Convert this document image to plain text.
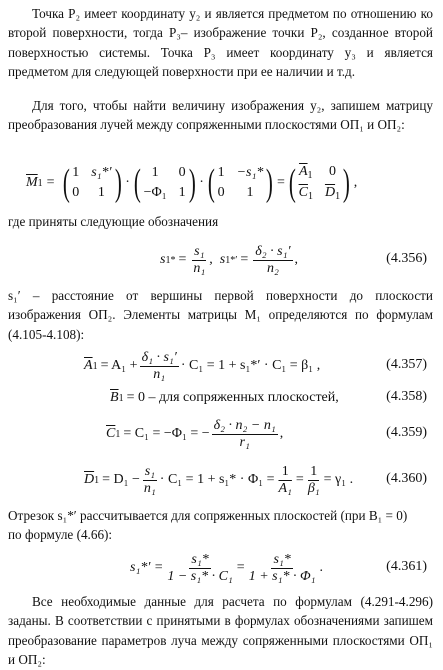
Точка P₂ имеет координату y₂ и является предметом по отношению ко второй поверхности, тогда P₃– изображение точки P₂, созданное второй поверхностью системы. Точка P₃ имеет координату y₃ и является предметом для следующей поверхности при ее наличии и т.д.
Для того, чтобы найти величину изображения y₂, запишем матрицу преобразования лучей между сопряженными плоскостями ОП₁ и ОП₂:
$\overline{M}$ 1 = ( 1 s₁*′
0	1 ) · ( 1	0
−Φ₁ 1 ) · ( 1 −s₁*
0	1 ) = ( $\overline{A}_1$ 0
$\overline{C}_1$ $\overline{D}_1$ ) ,
где приняты следующие обозначения
s 1 * = $\frac{\text{s₁}}{\text{n₁}}$ , s 1 *′ = $\frac{\text{δ₂ · s₁′}}{\text{n₂}}$ ,	(4.356)
s₁′ – расстояние от вершины первой поверхности до плоскости изображения ОП₂. Элементы матрицы M₁ определяются по формулам (4.105-4.108):
$\overline{A}$ $1 = A_1 + \frac{\text{δ₁ · s₁′}}{\text{n₁}} \cdot C_1 = 1 + s_1*' \cdot C_1 = \beta_1$ ,	(4.357)
$\overline{B}$ 1 = 0 – для сопряженных плоскостей,	(4.358)
$\overline{C}$ 1 = C₁ = −Φ₁ = − $\frac{\text{δ₂ · n₂ − n₁}}{\text{r₁}}$ ,	(4.359)
$\overline{D}$ $1 = D_1 - \frac{\text{s₁}}{\text{n₁}} \cdot C_1 = 1 + s_1* \cdot \Phi_1 = \frac{1}{\text{A₁}} = \frac{1}{\text{β₁}} = \gamma_1$ . (4.360)
Отрезок s₁*′ рассчитывается для сопряженных плоскостей (при B₁ = 0)
по формуле (4.66):
$s_1*' = \frac{\text{s₁*}}{\text{1 − s₁* · C₁}} = \frac{\text{s₁*}}{\text{1 + s₁* · Φ₁}}$ .	(4.361)
Все необходимые данные для расчета по формулам (4.291-4.296) заданы. В соответствии с принятыми в формулах обозначениями запишем преобразование параметров луча между сопряженными плоскостями ОП₁ и ОП₂:
